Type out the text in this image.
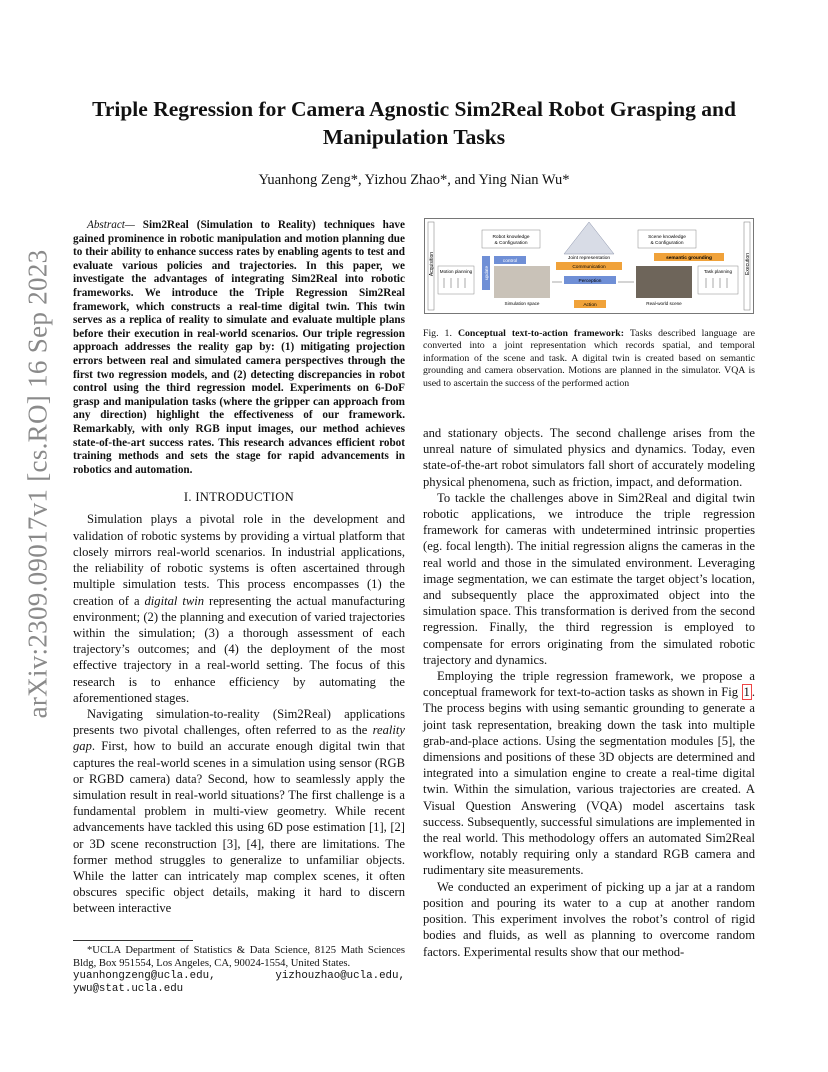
arXiv:2309.09017v1 [cs.RO] 16 Sep 2023
Triple Regression for Camera Agnostic Sim2Real Robot Grasping and Manipulation Tasks
Yuanhong Zeng*, Yizhou Zhao*, and Ying Nian Wu*

Abstract— Sim2Real (Simulation to Reality) techniques have gained prominence in robotic manipulation and motion planning due to their ability to enhance success rates by enabling agents to test and evaluate various policies and trajectories. In this paper, we investigate the advantages of integrating Sim2Real into robotic frameworks. We introduce the Triple Regression Sim2Real framework, which constructs a real-time digital twin. This twin serves as a replica of reality to simulate and evaluate multiple plans before their execution in real-world scenarios. Our triple regression approach addresses the reality gap by: (1) mitigating projection errors between real and simulated camera perspectives through the first two regression models, and (2) detecting discrepancies in robot control using the third regression model. Experiments on 6-DoF grasp and manipulation tasks (where the gripper can approach from any direction) highlight the effectiveness of our framework. Remarkably, with only RGB input images, our method achieves state-of-the-art success rates. This research advances efficient robot training methods and sets the stage for rapid advancements in robotics and automation.

I. INTRODUCTION

Simulation plays a pivotal role in the development and validation of robotic systems by providing a virtual platform that closely mirrors real-world scenarios. In industrial applications, the reliability of robotic systems is often ascertained through multiple simulation tests. This process encompasses (1) the creation of a digital twin representing the actual manufacturing environment; (2) the planning and execution of varied trajectories within the simulation; (3) a thorough assessment of each trajectory’s outcomes; and (4) the deployment of the most effective trajectory in a real-world setting. The focus of this research is to enhance efficiency by automating the aforementioned stages.

Navigating simulation-to-reality (Sim2Real) applications presents two pivotal challenges, often referred to as the reality gap. First, how to build an accurate enough digital twin that captures the real-world scenes in a simulation using sensor (RGB or RGBD camera) data? Second, how to seamlessly apply the simulation result in real-world situations? The first challenge is a fundamental problem in multi-view geometry. While recent advancements have tackled this using 6D pose estimation [1], [2] or 3D scene reconstruction [3], [4], there are limitations. The former method struggles to generalize to unfamiliar objects. While the latter can intricately map complex scenes, it often obscures specific object details, making it hard to discern between interactive

*UCLA Department of Statistics & Data Science, 8125 Math Sciences Bldg, Box 951554, Los Angeles, CA, 90024-1554, United States.
yuanhongzeng@ucla.edu, yizhouzhao@ucla.edu, ywu@stat.ucla.edu
Acquisition	Execution
Robot knowledge
& Configuration
Scene knowledge
& Configuration
Joint representation
control
Communication
semantic grounding
Motion planning	update
Simulation space
Perception
Action	Real-world scene
Task planning
Fig. 1. Conceptual text-to-action framework: Tasks described language are converted into a joint representation which records spatial, and temporal information of the scene and task. A digital twin is created based on semantic grounding and camera observation. Motions are planned in the simulator. VQA is used to ascertain the success of the performed action

and stationary objects. The second challenge arises from the unreal nature of simulated physics and dynamics. Today, even state-of-the-art robot simulators fall short of accurately modeling physical phenomena, such as friction, impact, and deformation.

To tackle the challenges above in Sim2Real and digital twin robotic applications, we introduce the triple regression framework for cameras with undetermined intrinsic properties (eg. focal length). The initial regression aligns the cameras in the real world and those in the simulated environment. Leveraging image segmentation, we can estimate the target object’s location, and subsequently place the approximated object into the simulation space. This transformation is derived from the second regression. Finally, the third regression is employed to compensate for errors originating from the simulated robotic trajectory and dynamics.

Employing the triple regression framework, we propose a conceptual framework for text-to-action tasks as shown in Fig 1 . The process begins with using semantic grounding to generate a joint task representation, breaking down the task into multiple grab-and-place actions. Using the segmentation modules [5], the dimensions and positions of these 3D objects are determined and integrated into a simulation engine to create a real-time digital twin. Within the simulation, various trajectories are created. A Visual Question Answering (VQA) model ascertains task success. Subsequently, successful simulations are implemented in the real world. This methodology offers an automated Sim2Real workflow, notably requiring only a standard RGB camera and rudimentary site measurements.

We conducted an experiment of picking up a jar at a random position and pouring its water to a cup at another random position. This experiment involves the robot’s control of rigid bodies and fluids, as well as planning to overcome random factors. Experimental results show that our method-
